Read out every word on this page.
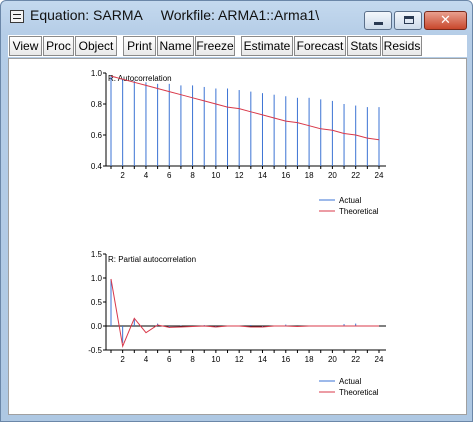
Equation: SARMA Workfile: ARMA1::Arma1\	✕
View Proc Object	Print Name Freeze Estimate Forecast Stats Resids
1.0
0.8
0.6
0.4
2 4 6 8 10 12 14 16 18 20 22 24
R: Autocorrelation
Actual
Theoretical
1.5
1.0
0.5
0.0
-0.5
2 4 6 8 10 12 14 16 18 20 22 24
R: Partial autocorrelation
Actual
Theoretical
